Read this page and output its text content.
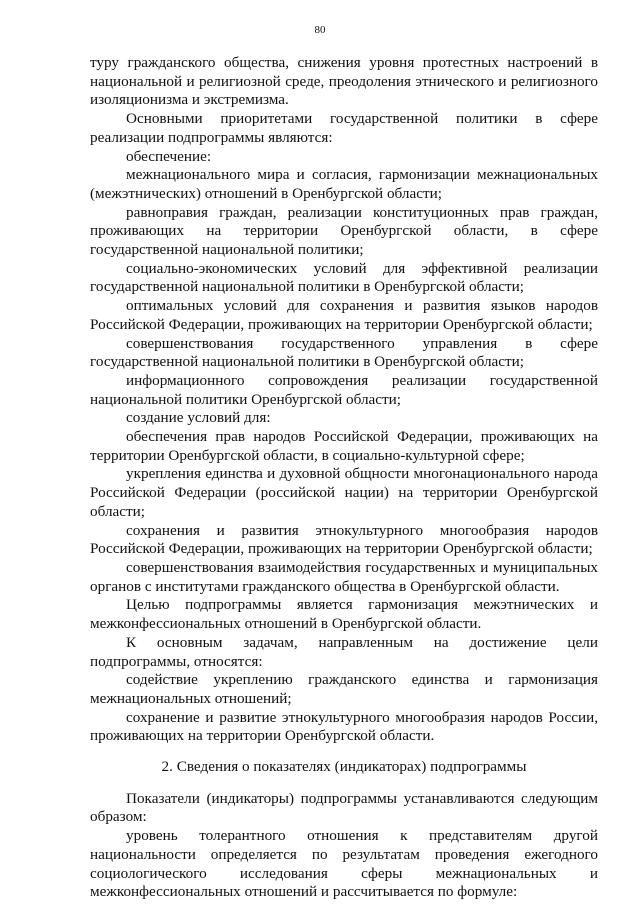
80

туру гражданского общества, снижения уровня протестных настроений в национальной и религиозной среде, преодоления этнического и религиозного изоляционизма и экстремизма.

Основными приоритетами государственной политики в сфере реализации подпрограммы являются:

обеспечение:

межнационального мира и согласия, гармонизации межнациональных (межэтнических) отношений в Оренбургской области;

равноправия граждан, реализации конституционных прав граждан, проживающих на территории Оренбургской области, в сфере государственной национальной политики;

социально-экономических условий для эффективной реализации государственной национальной политики в Оренбургской области;

оптимальных условий для сохранения и развития языков народов Российской Федерации, проживающих на территории Оренбургской области;

совершенствования государственного управления в сфере государственной национальной политики в Оренбургской области;

информационного сопровождения реализации государственной национальной политики Оренбургской области;

создание условий для:

обеспечения прав народов Российской Федерации, проживающих на территории Оренбургской области, в социально-культурной сфере;

укрепления единства и духовной общности многонационального народа Российской Федерации (российской нации) на территории Оренбургской области;

сохранения и развития этнокультурного многообразия народов Российской Федерации, проживающих на территории Оренбургской области;

совершенствования взаимодействия государственных и муниципальных органов с институтами гражданского общества в Оренбургской области.

Целью подпрограммы является гармонизация межэтнических и межконфессиональных отношений в Оренбургской области.

К основным задачам, направленным на достижение цели подпрограммы, относятся:

содействие укреплению гражданского единства и гармонизация межнациональных отношений;

сохранение и развитие этнокультурного многообразия народов России, проживающих на территории Оренбургской области.

2. Сведения о показателях (индикаторах) подпрограммы

Показатели (индикаторы) подпрограммы устанавливаются следующим образом:

уровень толерантного отношения к представителям другой национальности определяется по результатам проведения ежегодного социологического исследования сферы межнациональных и межконфессиональных отношений и рассчитывается по формуле:
